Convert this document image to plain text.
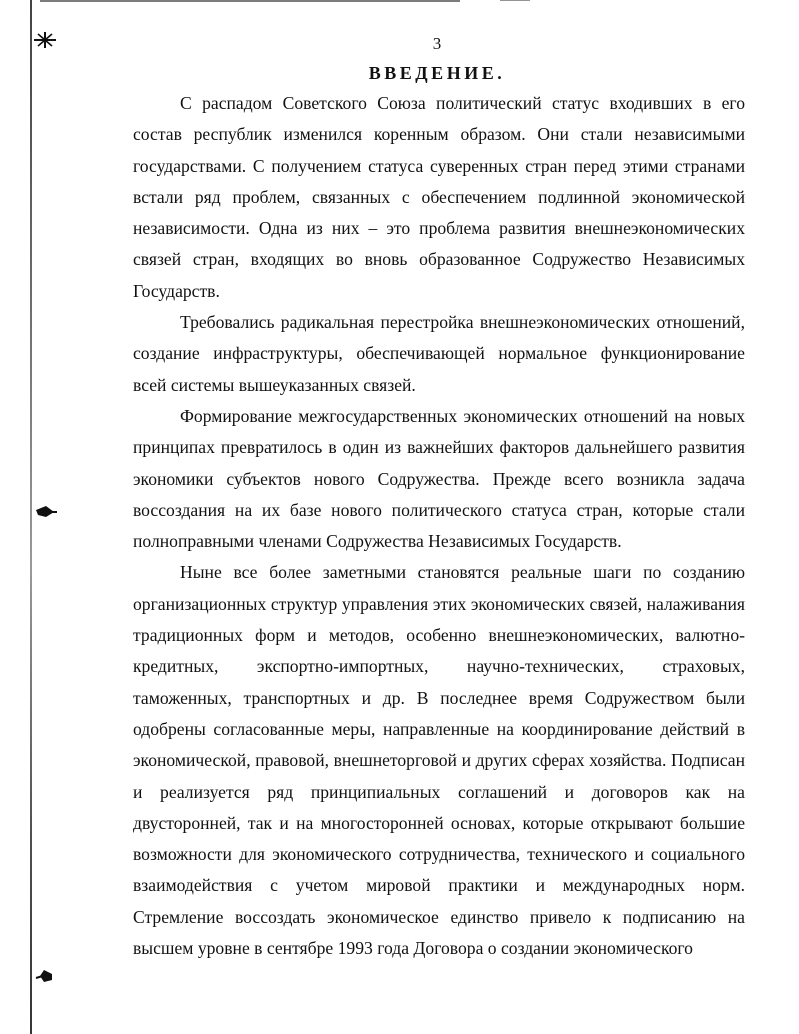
3
ВВЕДЕНИЕ.

С распадом Советского Союза политический статус входивших в его состав республик изменился коренным образом. Они стали независимыми государствами. С получением статуса суверенных стран перед этими странами встали ряд проблем, связанных с обеспечением подлинной экономической независимости. Одна из них – это проблема развития внешнеэкономических связей стран, входящих во вновь образованное Содружество Независимых Государств.

Требовались радикальная перестройка внешнеэкономических отношений, создание инфраструктуры, обеспечивающей нормальное функционирование всей системы вышеуказанных связей.

Формирование межгосударственных экономических отношений на новых принципах превратилось в один из важнейших факторов дальнейшего развития экономики субъектов нового Содружества. Прежде всего возникла задача воссоздания на их базе нового политического статуса стран, которые стали полноправными членами Содружества Независимых Государств.

Ныне все более заметными становятся реальные шаги по созданию организационных структур управления этих экономических связей, налаживания традиционных форм и методов, особенно внешнеэкономических, валютно-кредитных, экспортно-импортных, научно-технических, страховых, таможенных, транспортных и др. В последнее время Содружеством были одобрены согласованные меры, направленные на координирование действий в экономической, правовой, внешнеторговой и других сферах хозяйства. Подписан и реализуется ряд принципиальных соглашений и договоров как на двусторонней, так и на многосторонней основах, которые открывают большие возможности для экономического сотрудничества, технического и социального взаимодействия с учетом мировой практики и международных норм. Стремление воссоздать экономическое единство привело к подписанию на высшем уровне в сентябре 1993 года Договора о создании экономического
